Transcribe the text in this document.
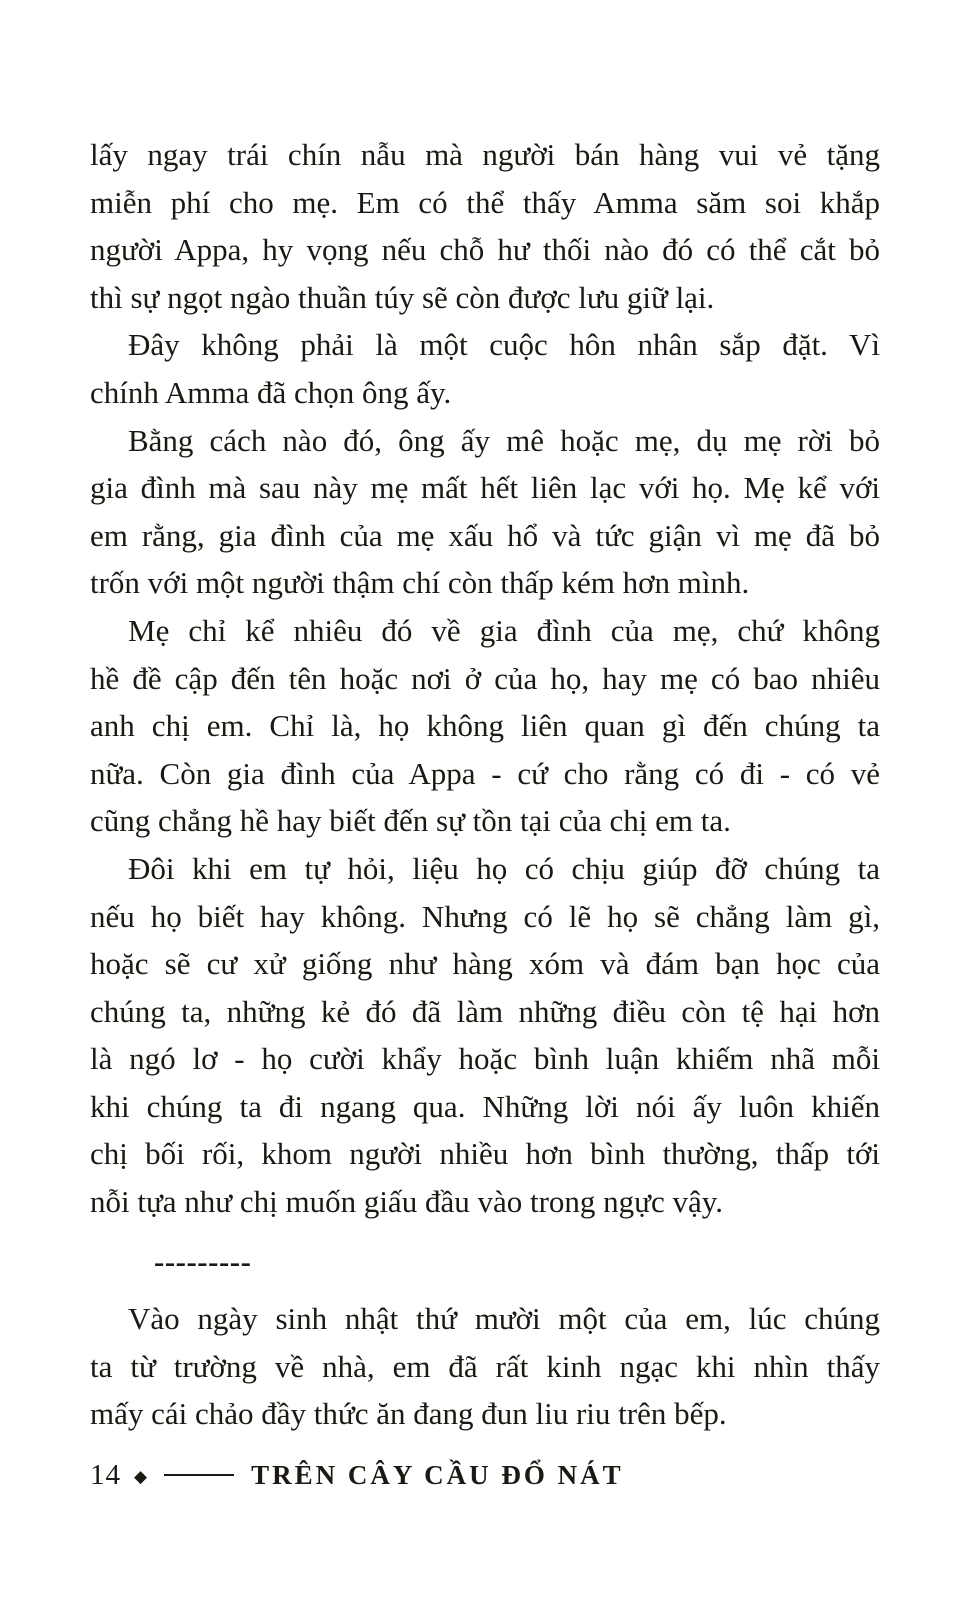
lấy ngay trái chín nẫu mà người bán hàng vui vẻ tặng
miễn phí cho mẹ. Em có thể thấy Amma săm soi khắp
người Appa, hy vọng nếu chỗ hư thối nào đó có thể cắt bỏ
thì sự ngọt ngào thuần túy sẽ còn được lưu giữ lại.
Đây không phải là một cuộc hôn nhân sắp đặt. Vì
chính Amma đã chọn ông ấy.
Bằng cách nào đó, ông ấy mê hoặc mẹ, dụ mẹ rời bỏ
gia đình mà sau này mẹ mất hết liên lạc với họ. Mẹ kể với
em rằng, gia đình của mẹ xấu hổ và tức giận vì mẹ đã bỏ
trốn với một người thậm chí còn thấp kém hơn mình.
Mẹ chỉ kể nhiêu đó về gia đình của mẹ, chứ không
hề đề cập đến tên hoặc nơi ở của họ, hay mẹ có bao nhiêu
anh chị em. Chỉ là, họ không liên quan gì đến chúng ta
nữa. Còn gia đình của Appa - cứ cho rằng có đi - có vẻ
cũng chẳng hề hay biết đến sự tồn tại của chị em ta.
Đôi khi em tự hỏi, liệu họ có chịu giúp đỡ chúng ta
nếu họ biết hay không. Nhưng có lẽ họ sẽ chẳng làm gì,
hoặc sẽ cư xử giống như hàng xóm và đám bạn học của
chúng ta, những kẻ đó đã làm những điều còn tệ hại hơn
là ngó lơ - họ cười khẩy hoặc bình luận khiếm nhã mỗi
khi chúng ta đi ngang qua. Những lời nói ấy luôn khiến
chị bối rối, khom người nhiều hơn bình thường, thấp tới
nỗi tựa như chị muốn giấu đầu vào trong ngực vậy.
---------
Vào ngày sinh nhật thứ mười một của em, lúc chúng
ta từ trường về nhà, em đã rất kinh ngạc khi nhìn thấy
mấy cái chảo đầy thức ăn đang đun liu riu trên bếp.
14 ◆	TRÊN CÂY CẦU ĐỔ NÁT
